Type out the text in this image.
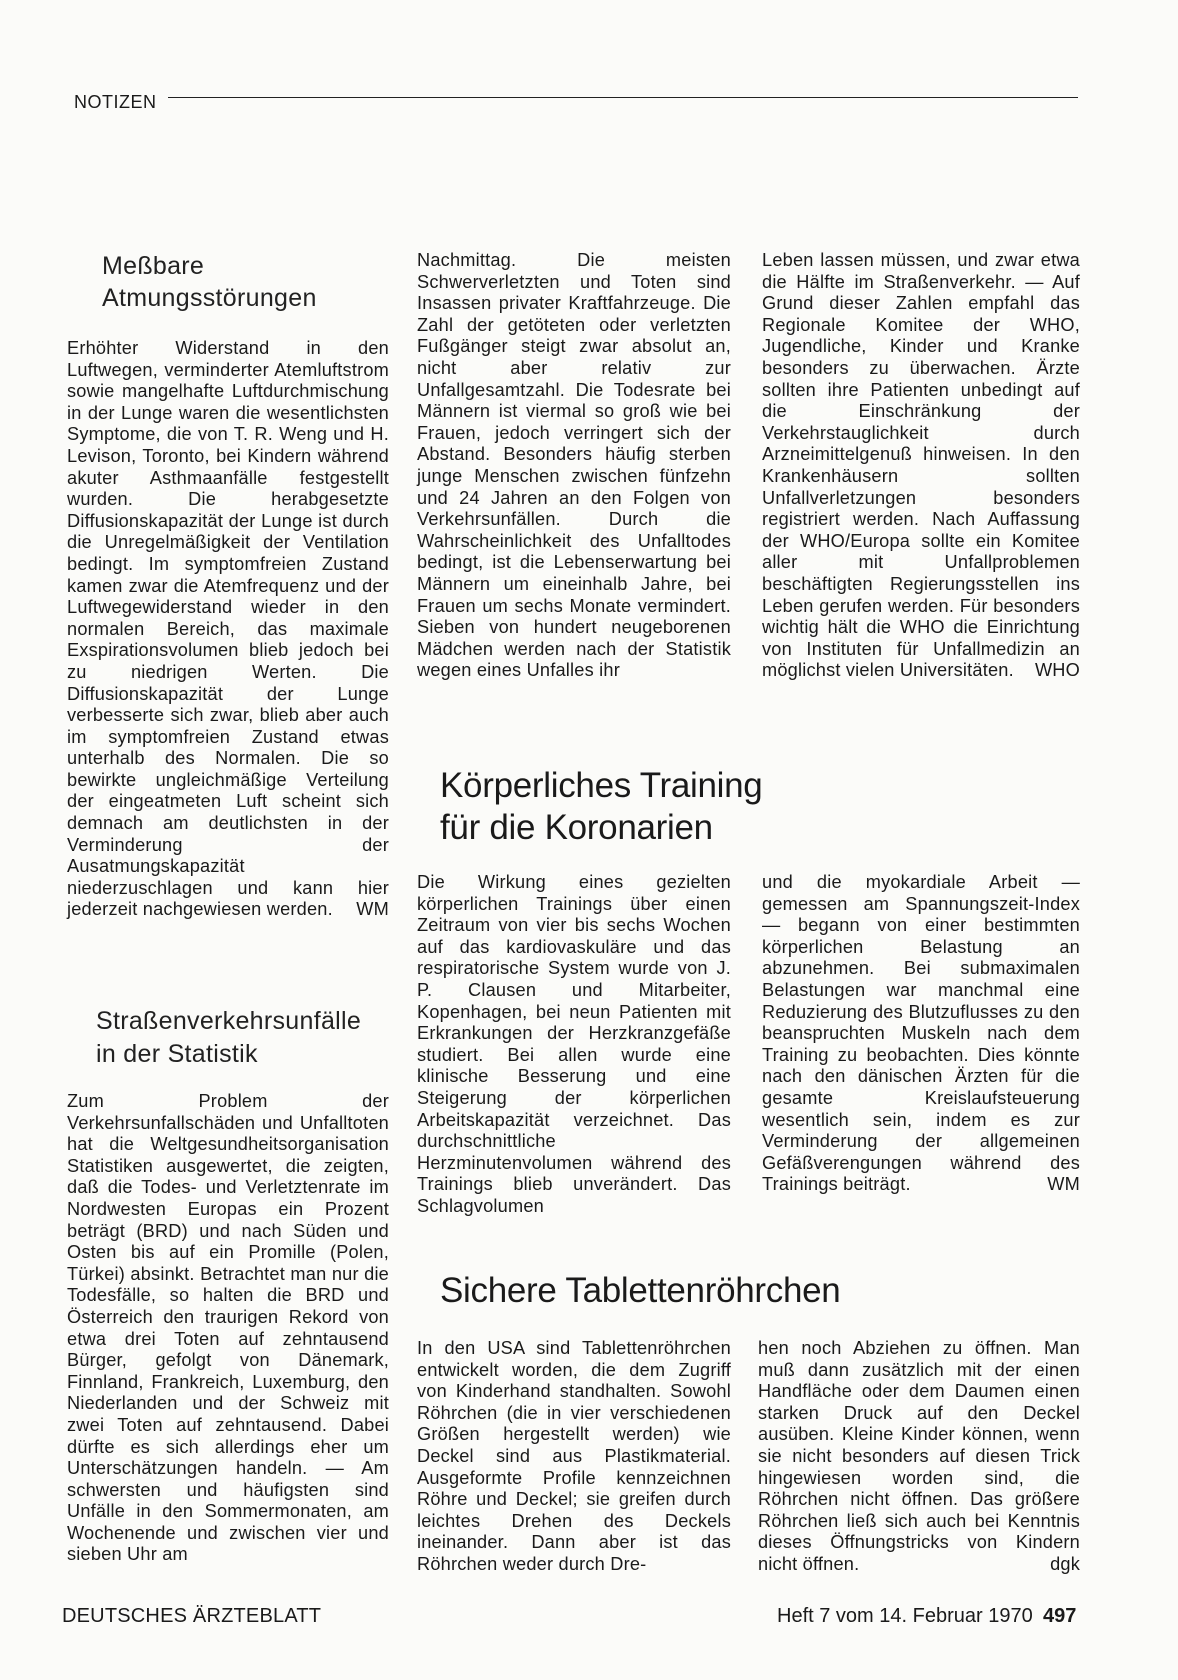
NOTIZEN
Meßbare
Atmungsstörungen

Erhöhter Widerstand in den Luftwegen, verminderter Atemluftstrom sowie mangelhafte Luftdurchmischung in der Lunge waren die wesentlichsten Symptome, die von T. R. Weng und H. Levison, Toronto, bei Kindern während akuter Asthmaanfälle festgestellt wurden. Die herabgesetzte Diffusionskapazität der Lunge ist durch die Unregelmäßigkeit der Ventilation bedingt. Im symptomfreien Zustand kamen zwar die Atemfrequenz und der Luftwegewiderstand wieder in den normalen Bereich, das maximale Exspirationsvolumen blieb jedoch bei zu niedrigen Werten. Die Diffusionskapazität der Lunge verbesserte sich zwar, blieb aber auch im symptomfreien Zustand etwas unterhalb des Normalen. Die so bewirkte ungleichmäßige Verteilung der eingeatmeten Luft scheint sich demnach am deutlichsten in der Verminderung der Ausatmungskapazität niederzuschlagen und kann hier jederzeit nachgewiesen werden. WM

Straßenverkehrsunfälle
in der Statistik

Zum Problem der Verkehrsunfallschäden und Unfalltoten hat die Weltgesundheitsorganisation Statistiken ausgewertet, die zeigten, daß die Todes- und Verletztenrate im Nordwesten Europas ein Prozent beträgt (BRD) und nach Süden und Osten bis auf ein Promille (Polen, Türkei) absinkt. Betrachtet man nur die Todesfälle, so halten die BRD und Österreich den traurigen Rekord von etwa drei Toten auf zehntausend Bürger, gefolgt von Dänemark, Finnland, Frankreich, Luxemburg, den Niederlanden und der Schweiz mit zwei Toten auf zehntausend. Dabei dürfte es sich allerdings eher um Unterschätzungen handeln. — Am schwersten und häufigsten sind Unfälle in den Sommermonaten, am Wochenende und zwischen vier und sieben Uhr am

Nachmittag. Die meisten Schwerverletzten und Toten sind Insassen privater Kraftfahrzeuge. Die Zahl der getöteten oder verletzten Fußgänger steigt zwar absolut an, nicht aber relativ zur Unfallgesamtzahl. Die Todesrate bei Männern ist viermal so groß wie bei Frauen, jedoch verringert sich der Abstand. Besonders häufig sterben junge Menschen zwischen fünfzehn und 24 Jahren an den Folgen von Verkehrsunfällen. Durch die Wahrscheinlichkeit des Unfalltodes bedingt, ist die Lebenserwartung bei Männern um eineinhalb Jahre, bei Frauen um sechs Monate vermindert. Sieben von hundert neugeborenen Mädchen werden nach der Statistik wegen eines Unfalles ihr

Leben lassen müssen, und zwar etwa die Hälfte im Straßenverkehr. — Auf Grund dieser Zahlen empfahl das Regionale Komitee der WHO, Jugendliche, Kinder und Kranke besonders zu überwachen. Ärzte sollten ihre Patienten unbedingt auf die Einschränkung der Verkehrstauglichkeit durch Arzneimittelgenuß hinweisen. In den Krankenhäusern sollten Unfallverletzungen besonders registriert werden. Nach Auffassung der WHO/Europa sollte ein Komitee aller mit Unfallproblemen beschäftigten Regierungsstellen ins Leben gerufen werden. Für besonders wichtig hält die WHO die Einrichtung von Instituten für Unfallmedizin an möglichst vielen Universitäten. WHO

Körperliches Training
für die Koronarien

Die Wirkung eines gezielten körperlichen Trainings über einen Zeitraum von vier bis sechs Wochen auf das kardiovaskuläre und das respiratorische System wurde von J. P. Clausen und Mitarbeiter, Kopenhagen, bei neun Patienten mit Erkrankungen der Herzkranzgefäße studiert. Bei allen wurde eine klinische Besserung und eine Steigerung der körperlichen Arbeitskapazität verzeichnet. Das durchschnittliche Herzminutenvolumen während des Trainings blieb unverändert. Das Schlagvolumen

und die myokardiale Arbeit — gemessen am Spannungszeit-Index — begann von einer bestimmten körperlichen Belastung an abzunehmen. Bei submaximalen Belastungen war manchmal eine Reduzierung des Blutzuflusses zu den beanspruchten Muskeln nach dem Training zu beobachten. Dies könnte nach den dänischen Ärzten für die gesamte Kreislaufsteuerung wesentlich sein, indem es zur Verminderung der allgemeinen Gefäßverengungen während des Trainings beiträgt.	WM

Sichere Tablettenröhrchen

In den USA sind Tablettenröhrchen entwickelt worden, die dem Zugriff von Kinderhand standhalten. Sowohl Röhrchen (die in vier verschiedenen Größen hergestellt werden) wie Deckel sind aus Plastikmaterial. Ausgeformte Profile kennzeichnen Röhre und Deckel; sie greifen durch leichtes Drehen des Deckels ineinander. Dann aber ist das Röhrchen weder durch Dre-

hen noch Abziehen zu öffnen. Man muß dann zusätzlich mit der einen Handfläche oder dem Daumen einen starken Druck auf den Deckel ausüben. Kleine Kinder können, wenn sie nicht besonders auf diesen Trick hingewiesen worden sind, die Röhrchen nicht öffnen. Das größere Röhrchen ließ sich auch bei Kenntnis dieses Öffnungstricks von Kindern nicht öffnen.	dgk

DEUTSCHES ÄRZTEBLATT	Heft 7 vom 14. Februar 1970 497
